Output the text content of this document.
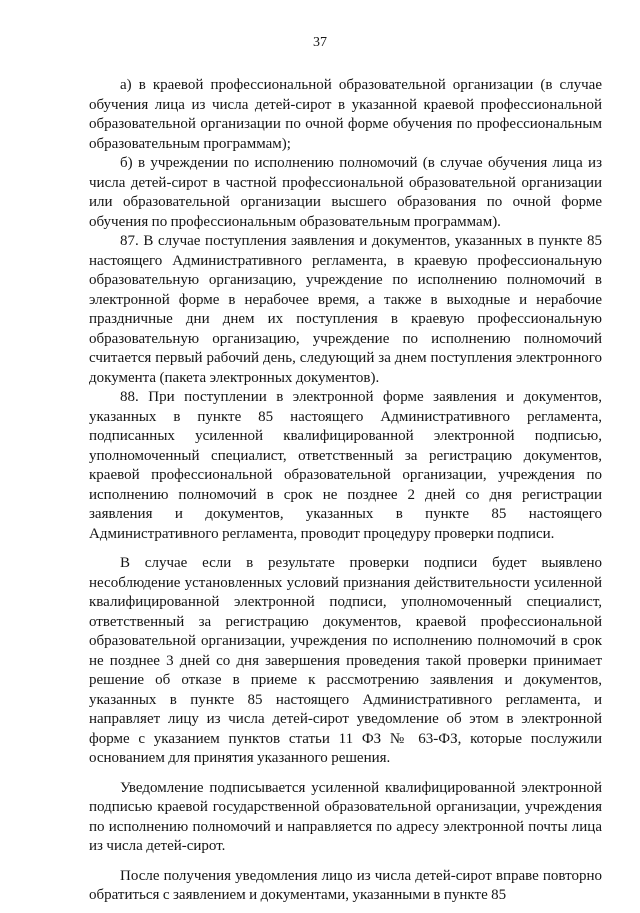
37

а) в краевой профессиональной образовательной организации (в случае обучения лица из числа детей-сирот в указанной краевой профессиональной образовательной организации по очной форме обучения по профессиональным образовательным программам);

б) в учреждении по исполнению полномочий (в случае обучения лица из числа детей-сирот в частной профессиональной образовательной организации или образовательной организации высшего образования по очной форме обучения по профессиональным образовательным программам).

87. В случае поступления заявления и документов, указанных в пункте 85 настоящего Административного регламента, в краевую профессиональную образовательную организацию, учреждение по исполнению полномочий в электронной форме в нерабочее время, а также в выходные и нерабочие праздничные дни днем их поступления в краевую профессиональную образовательную организацию, учреждение по исполнению полномочий считается первый рабочий день, следующий за днем поступления электронного документа (пакета электронных документов).

88. При поступлении в электронной форме заявления и документов, указанных в пункте 85 настоящего Административного регламента, подписанных усиленной квалифицированной электронной подписью, уполномоченный специалист, ответственный за регистрацию документов, краевой профессиональной образовательной организации, учреждения по исполнению полномочий в срок не позднее 2 дней со дня регистрации заявления и документов, указанных в пункте 85 настоящего Административного регламента, проводит процедуру проверки подписи.

В случае если в результате проверки подписи будет выявлено несоблюдение установленных условий признания действительности усиленной квалифицированной электронной подписи, уполномоченный специалист, ответственный за регистрацию документов, краевой профессиональной образовательной организации, учреждения по исполнению полномочий в срок не позднее 3 дней со дня завершения проведения такой проверки принимает решение об отказе в приеме к рассмотрению заявления и документов, указанных в пункте 85 настоящего Административного регламента, и направляет лицу из числа детей-сирот уведомление об этом в электронной форме с указанием пунктов статьи 11 ФЗ № 63-ФЗ, которые послужили основанием для принятия указанного решения.

Уведомление подписывается усиленной квалифицированной электронной подписью краевой государственной образовательной организации, учреждения по исполнению полномочий и направляется по адресу электронной почты лица из числа детей-сирот.

После получения уведомления лицо из числа детей-сирот вправе повторно обратиться с заявлением и документами, указанными в пункте 85
